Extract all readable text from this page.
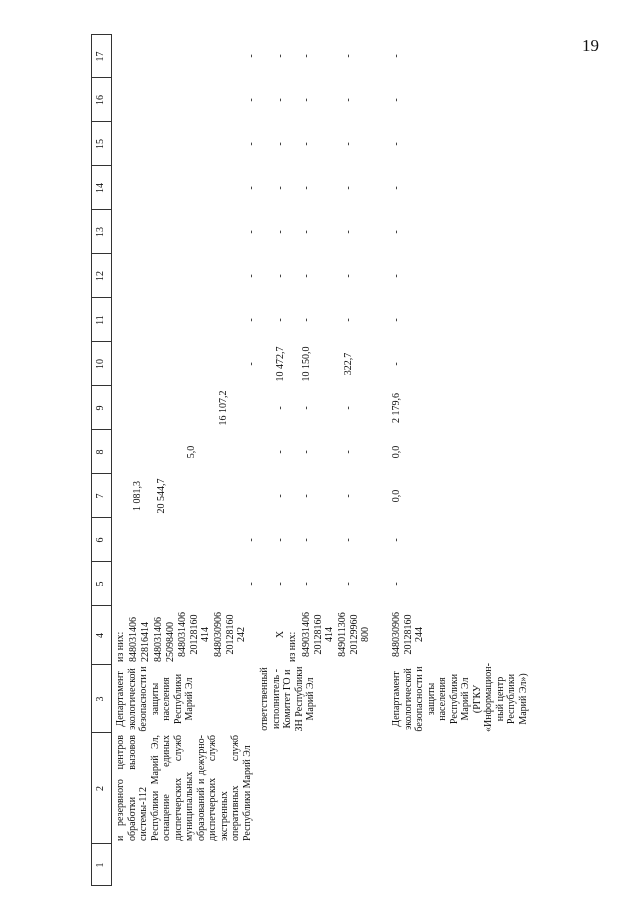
19
1
2
3
4
5
6
7
8
9
10
11
12
13
14
15
16
17
и резервного центров обработки вызовов системы-112 Республики Марий Эл, оснащение единых диспетчерских служб муниципальных образований и дежурно-диспетчерских служб экстренных оперативных служб Республики Марий Эл
Департамент экологической безопасности и защиты населения Республики Марий Эл
из них: 848031406 22816414 848031406 25098400 848031406 20128160 414 848030906 20128160 242
1 081,3 20 544,7
5,0
16 107,2
-
-
-
-
-
-
-
-
-
-
ответственный исполнитель - Комитет ГО и ЗН Республики Марий Эл
X
-
-
-
-
-
10 472,7
-
-
-
-
-
-
-
из них: 849031406 20128160 414
-
-
-
-
-
10 150,0
-
-
-
-
-
-
-
849011306 20129960 800
-
-
-
-
-
322,7
-
-
-
-
-
-
-
Департамент экологической безопасности и защиты населения Республики Марий Эл (РГКУ «Информацион-ный центр Республики Марий Эл»)
848030906 20128160 244
-
-
0,0
0,0
2 179,6
-
-
-
-
-
-
-
-
